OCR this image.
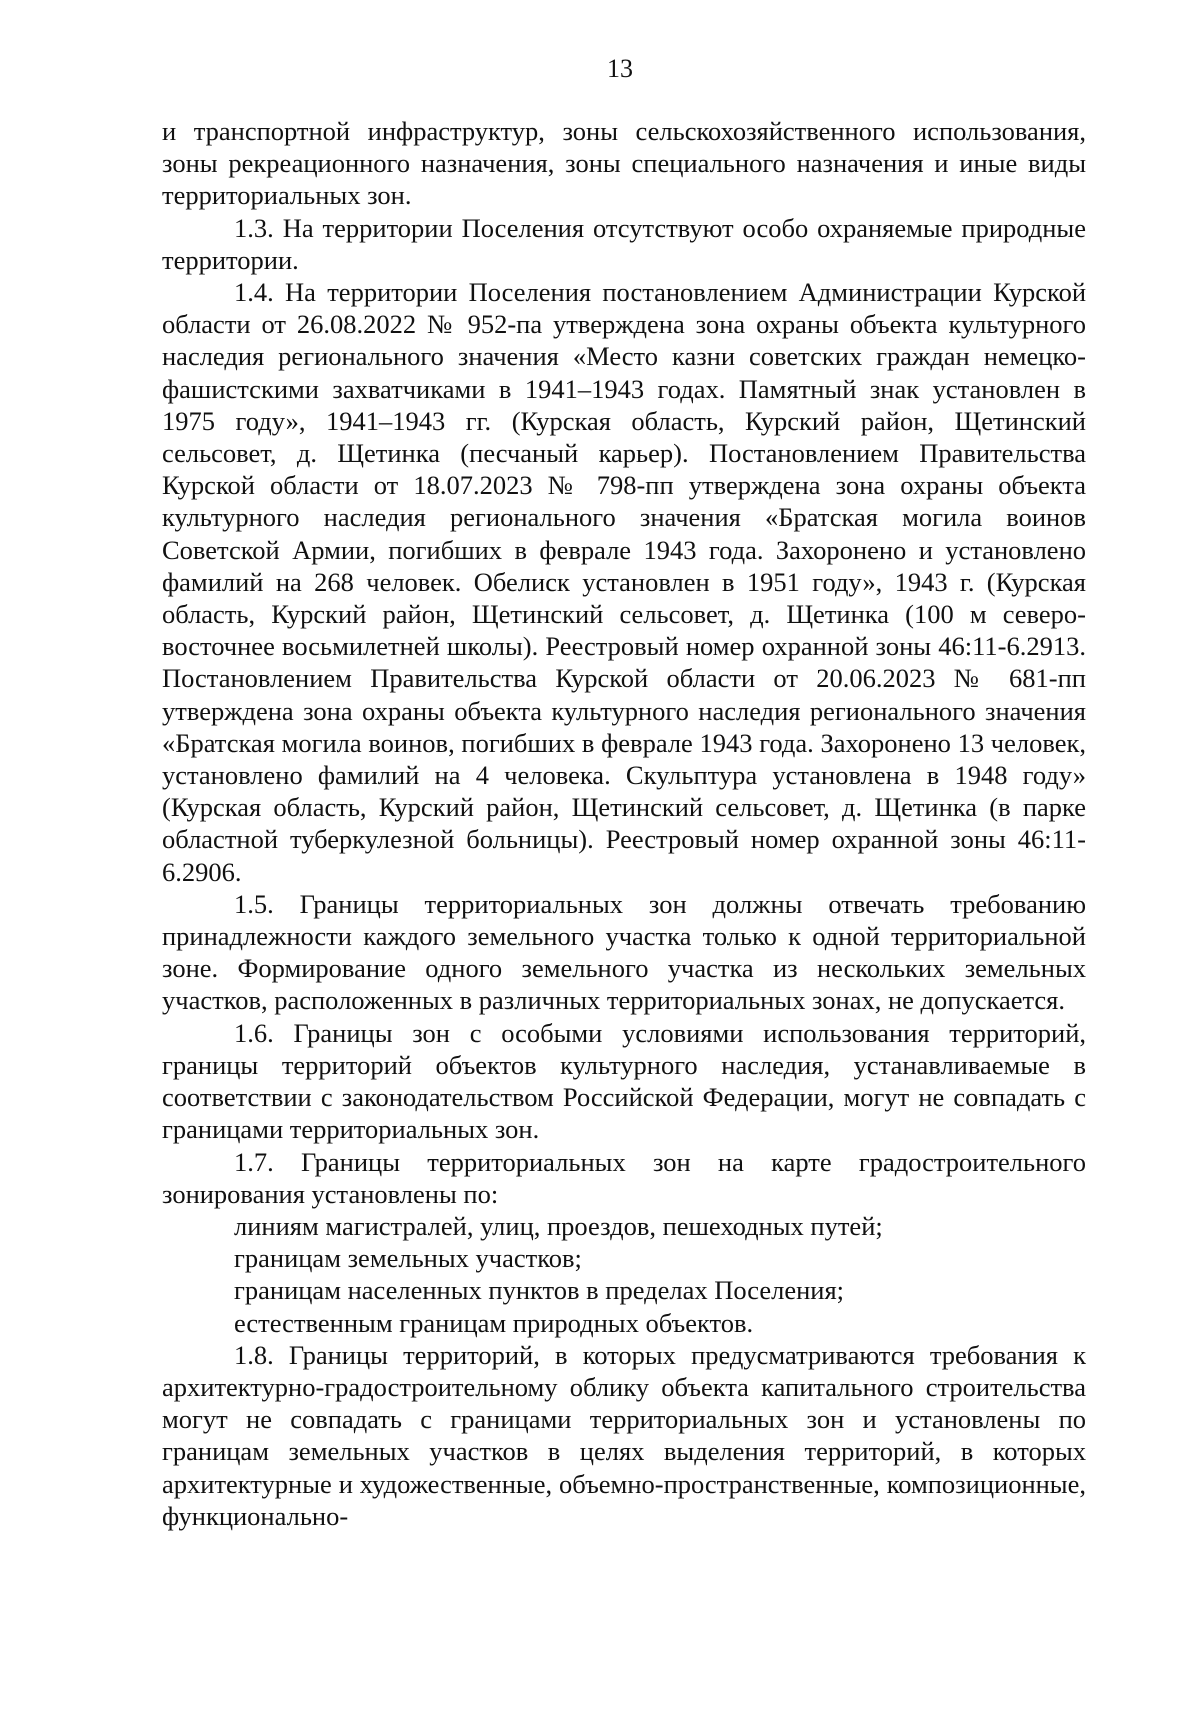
13

и транспортной инфраструктур, зоны сельскохозяйственного использования, зоны рекреационного назначения, зоны специального назначения и иные виды территориальных зон.

1.3. На территории Поселения отсутствуют особо охраняемые природные территории.

1.4. На территории Поселения постановлением Администрации Курской области от 26.08.2022 № 952-па утверждена зона охраны объекта культурного наследия регионального значения «Место казни советских граждан немецко-фашистскими захватчиками в 1941–1943 годах. Памятный знак установлен в 1975 году», 1941–1943 гг. (Курская область, Курский район, Щетинский сельсовет, д. Щетинка (песчаный карьер). Постановлением Правительства Курской области от 18.07.2023 № 798-пп утверждена зона охраны объекта культурного наследия регионального значения «Братская могила воинов Советской Армии, погибших в феврале 1943 года. Захоронено и установлено фамилий на 268 человек. Обелиск установлен в 1951 году», 1943 г. (Курская область, Курский район, Щетинский сельсовет, д. Щетинка (100 м северо-восточнее восьмилетней школы). Реестровый номер охранной зоны 46:11-6.2913. Постановлением Правительства Курской области от 20.06.2023 № 681-пп утверждена зона охраны объекта культурного наследия регионального значения «Братская могила воинов, погибших в феврале 1943 года. Захоронено 13 человек, установлено фамилий на 4 человека. Скульптура установлена в 1948 году» (Курская область, Курский район, Щетинский сельсовет, д. Щетинка (в парке областной туберкулезной больницы). Реестровый номер охранной зоны 46:11-6.2906.

1.5. Границы территориальных зон должны отвечать требованию принадлежности каждого земельного участка только к одной территориальной зоне. Формирование одного земельного участка из нескольких земельных участков, расположенных в различных территориальных зонах, не допускается.

1.6. Границы зон с особыми условиями использования территорий, границы территорий объектов культурного наследия, устанавливаемые в соответствии с законодательством Российской Федерации, могут не совпадать с границами территориальных зон.

1.7. Границы территориальных зон на карте градостроительного зонирования установлены по:

линиям магистралей, улиц, проездов, пешеходных путей;

границам земельных участков;

границам населенных пунктов в пределах Поселения;

естественным границам природных объектов.

1.8. Границы территорий, в которых предусматриваются требования к архитектурно-градостроительному облику объекта капитального строительства могут не совпадать с границами территориальных зон и установлены по границам земельных участков в целях выделения территорий, в которых архитектурные и художественные, объемно-пространственные, композиционные, функционально-
